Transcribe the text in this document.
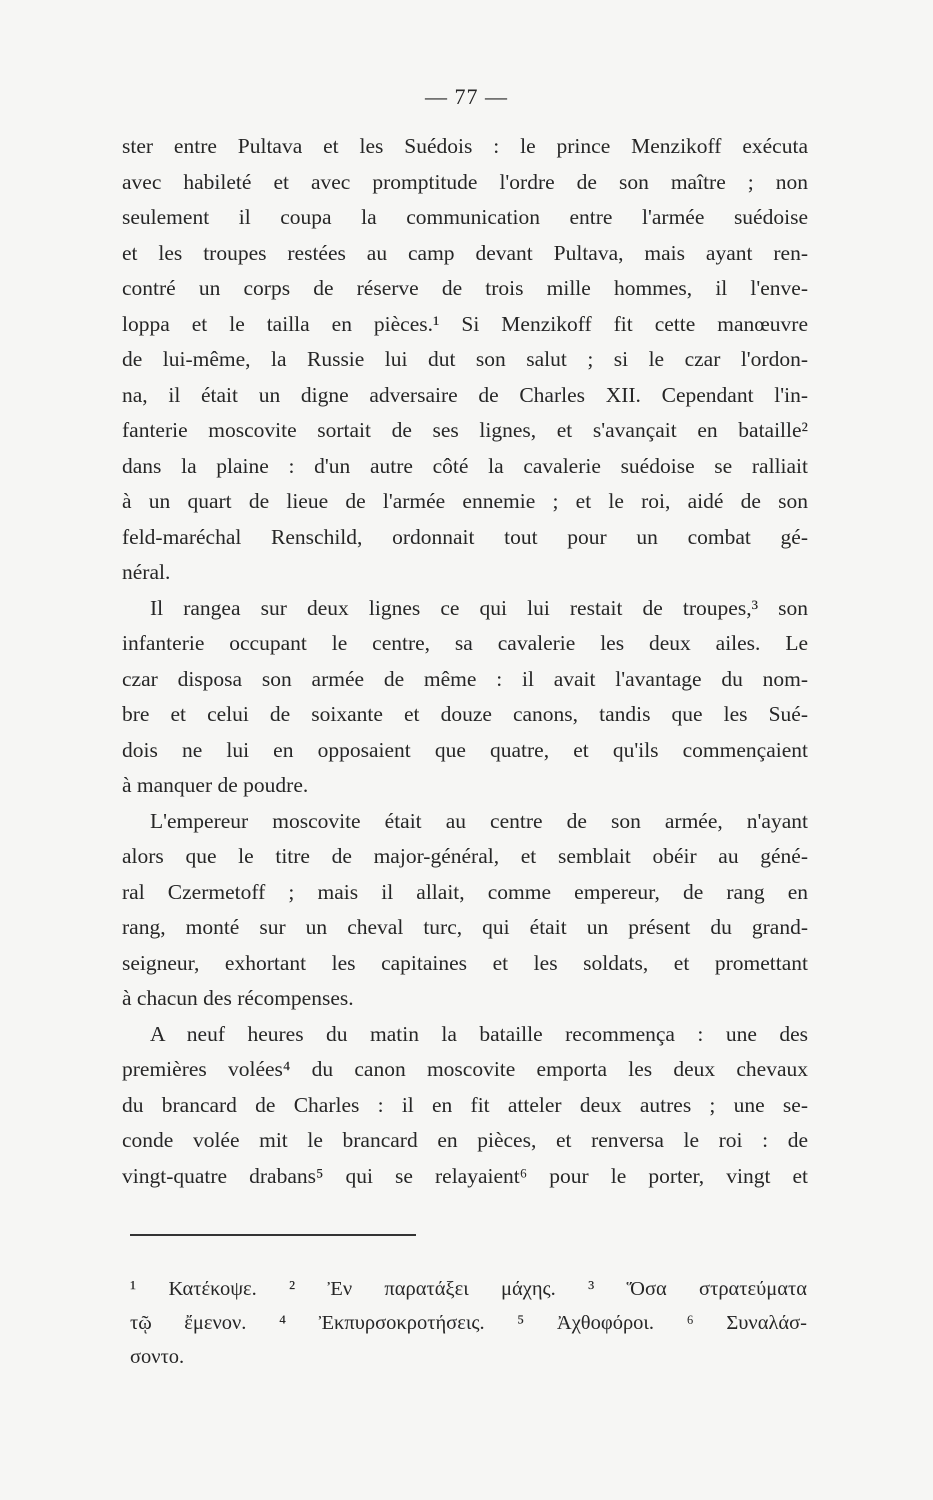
— 77 —
ster entre Pultava et les Suédois : le prince Menzikoff exécuta
avec habileté et avec promptitude l'ordre de son maître ; non
seulement il coupa la communication entre l'armée suédoise
et les troupes restées au camp devant Pultava, mais ayant ren-
contré un corps de réserve de trois mille hommes, il l'enve-
loppa et le tailla en pièces.¹ Si Menzikoff fit cette manœuvre
de lui-même, la Russie lui dut son salut ; si le czar l'ordon-
na, il était un digne adversaire de Charles XII. Cependant l'in-
fanterie moscovite sortait de ses lignes, et s'avançait en bataille²
dans la plaine : d'un autre côté la cavalerie suédoise se ralliait
à un quart de lieue de l'armée ennemie ; et le roi, aidé de son
feld-maréchal Renschild, ordonnait tout pour un combat gé-
néral.
Il rangea sur deux lignes ce qui lui restait de troupes,³ son
infanterie occupant le centre, sa cavalerie les deux ailes. Le
czar disposa son armée de même : il avait l'avantage du nom-
bre et celui de soixante et douze canons, tandis que les Sué-
dois ne lui en opposaient que quatre, et qu'ils commençaient
à manquer de poudre.
L'empereur moscovite était au centre de son armée, n'ayant
alors que le titre de major-général, et semblait obéir au géné-
ral Czermetoff ; mais il allait, comme empereur, de rang en
rang, monté sur un cheval turc, qui était un présent du grand-
seigneur, exhortant les capitaines et les soldats, et promettant
à chacun des récompenses.
A neuf heures du matin la bataille recommença : une des
premières volées⁴ du canon moscovite emporta les deux chevaux
du brancard de Charles : il en fit atteler deux autres ; une se-
conde volée mit le brancard en pièces, et renversa le roi : de
vingt-quatre drabans⁵ qui se relayaient⁶ pour le porter, vingt et
¹ Κατέκοψε. ² Ἐν παρατάξει μάχης. ³ Ὅσα στρατεύματα
τῷ ἔμενον. ⁴ Ἐκπυρσοκροτήσεις. ⁵ Ἀχθοφόροι. ⁶ Συναλάσ-
σοντο.
